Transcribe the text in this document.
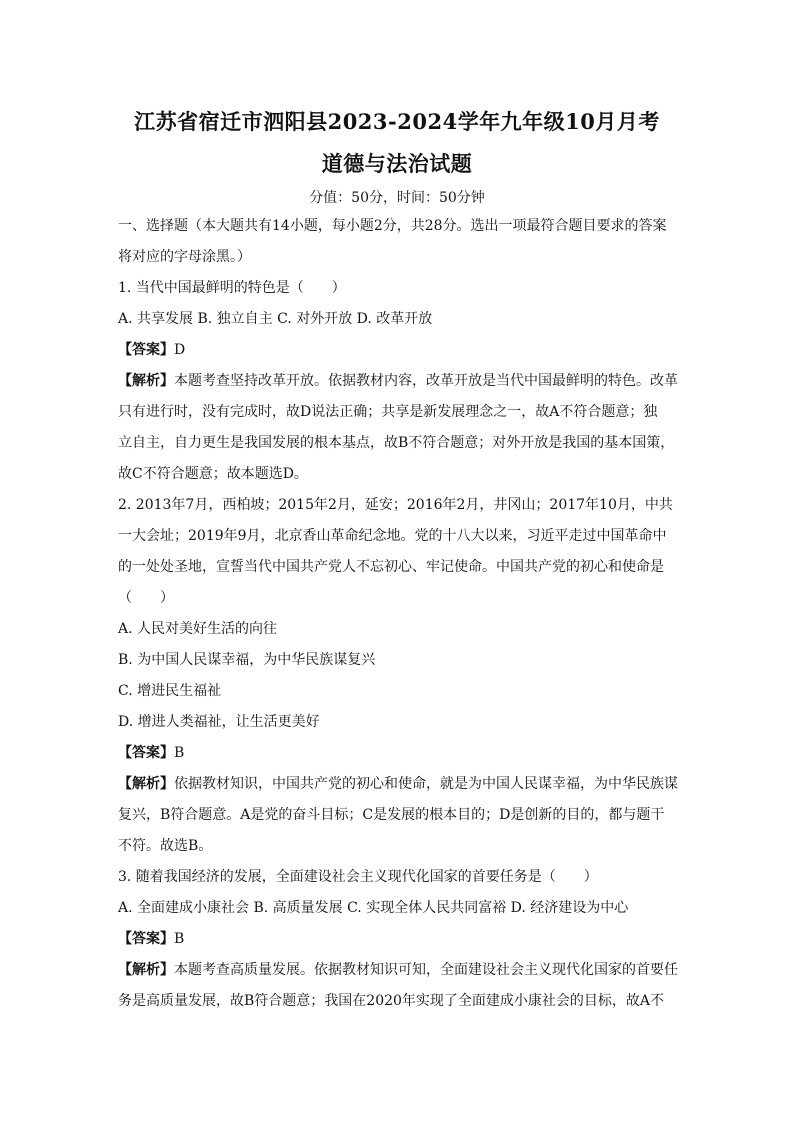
江苏省宿迁市泗阳县2023-2024学年九年级10月月考
道德与法治试题
分值：50分，时间：50分钟
一、选择题（本大题共有14小题，每小题2分，共28分。选出一项最符合题目要求的答案
将对应的字母涂黑。）
1. 当代中国最鲜明的特色是（　　）
A. 共享发展 B. 独立自主 C. 对外开放 D. 改革开放
【答案】D
【解析】本题考查坚持改革开放。依据教材内容，改革开放是当代中国最鲜明的特色。改革
只有进行时，没有完成时，故D说法正确；共享是新发展理念之一，故A不符合题意；独
立自主，自力更生是我国发展的根本基点，故B不符合题意；对外开放是我国的基本国策，
故C不符合题意；故本题选D。
2. 2013年7月，西柏坡；2015年2月，延安；2016年2月，井冈山；2017年10月，中共
一大会址；2019年9月，北京香山革命纪念地。党的十八大以来，习近平走过中国革命中
的一处处圣地，宣誓当代中国共产党人不忘初心、牢记使命。中国共产党的初心和使命是
（　　）
A. 人民对美好生活的向往
B. 为中国人民谋幸福，为中华民族谋复兴
C. 增进民生福祉
D. 增进人类福祉，让生活更美好
【答案】B
【解析】依据教材知识，中国共产党的初心和使命，就是为中国人民谋幸福，为中华民族谋
复兴，B符合题意。A是党的奋斗目标；C是发展的根本目的；D是创新的目的，都与题干
不符。故选B。
3. 随着我国经济的发展，全面建设社会主义现代化国家的首要任务是（　　）
A. 全面建成小康社会 B. 高质量发展 C. 实现全体人民共同富裕 D. 经济建设为中心
【答案】B
【解析】本题考查高质量发展。依据教材知识可知，全面建设社会主义现代化国家的首要任
务是高质量发展，故B符合题意；我国在2020年实现了全面建成小康社会的目标，故A不
